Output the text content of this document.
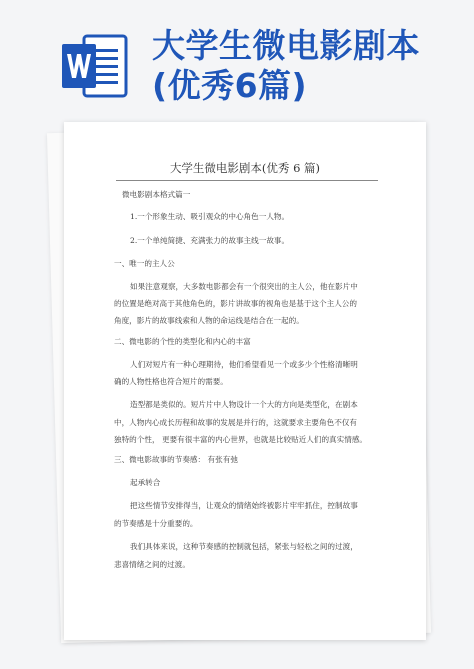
大学生微电影剧本
(优秀6篇)
大学生微电影剧本(优秀 6 篇)
微电影剧本格式篇一
1.一个形象生动、吸引观众的中心角色一人物。
2.一个单纯简捷、充满张力的故事主线一故事。
一、唯一的主人公
如果注意观察，大多数电影都会有一个很突出的主人公，他在影片中
的位置是绝对高于其他角色的，影片讲故事的视角也是基于这个主人公的
角度，影片的故事线索和人物的命运线是结合在一起的。
二、微电影的个性的类型化和内心的丰富
人们对短片有一种心理期待，他们希望看见一个或多少个性格清晰明
确的人物性格也符合短片的需要。
造型都是类似的。短片片中人物设计一个大的方向是类型化，在剧本
中，人物内心成长历程和故事的发展是并行的，这就要求主要角色不仅有
独特的个性， 更要有很丰富的内心世界，也就是比较贴近人们的真实情感。
三、微电影故事的节奏感： 有张有弛
起承转合
把这些情节安排得当，让观众的情绪始终被影片牢牢抓住，控制故事
的节奏感是十分重要的。
我们具体来说，这种节奏感的控制就包括，紧张与轻松之间的过渡，
悲喜情绪之间的过渡。
